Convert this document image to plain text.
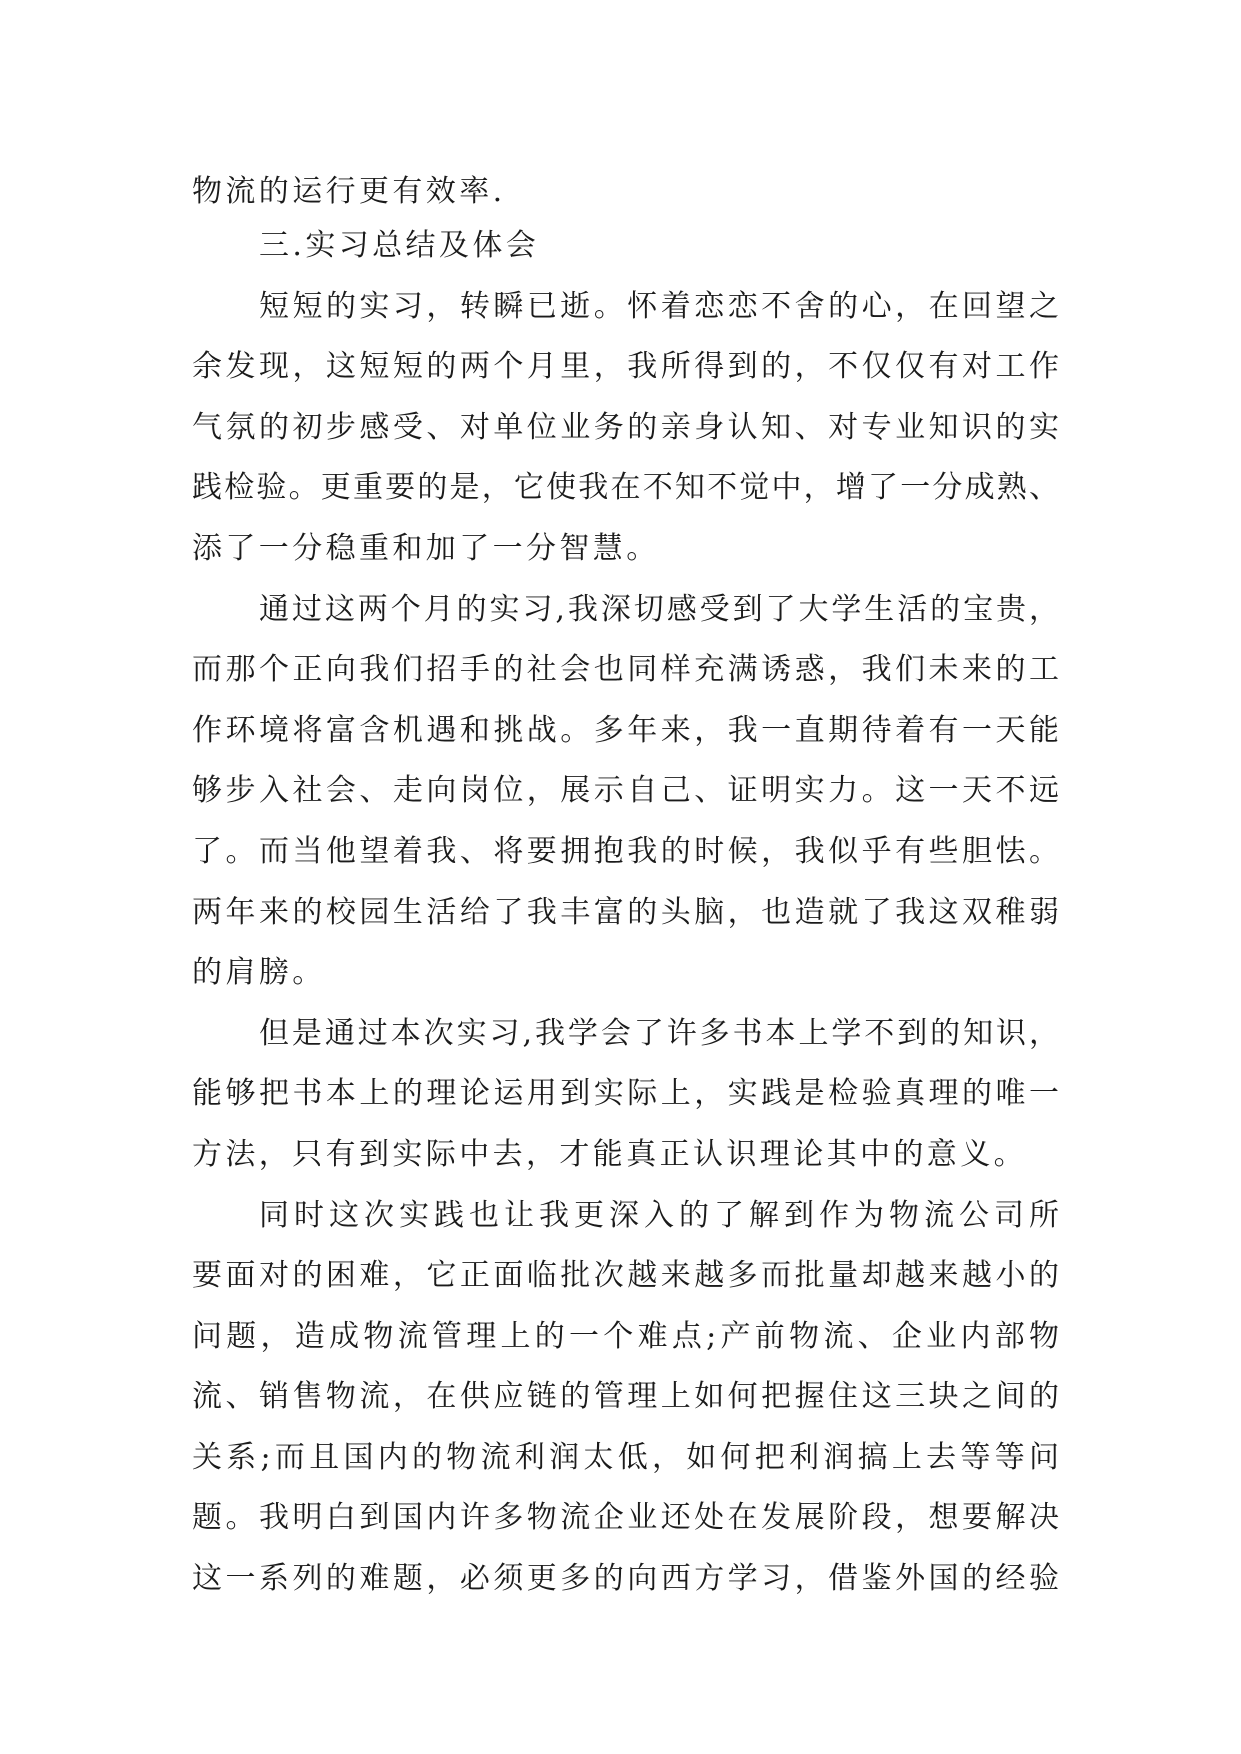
物流的运行更有效率.
三.实习总结及体会
短短的实习，转瞬已逝。怀着恋恋不舍的心，在回望之
余发现，这短短的两个月里，我所得到的，不仅仅有对工作
气氛的初步感受、对单位业务的亲身认知、对专业知识的实
践检验。更重要的是，它使我在不知不觉中，增了一分成熟、
添了一分稳重和加了一分智慧。
通过这两个月的实习,我深切感受到了大学生活的宝贵，
而那个正向我们招手的社会也同样充满诱惑，我们未来的工
作环境将富含机遇和挑战。多年来，我一直期待着有一天能
够步入社会、走向岗位，展示自己、证明实力。这一天不远
了。而当他望着我、将要拥抱我的时候，我似乎有些胆怯。
两年来的校园生活给了我丰富的头脑，也造就了我这双稚弱
的肩膀。
但是通过本次实习,我学会了许多书本上学不到的知识，
能够把书本上的理论运用到实际上，实践是检验真理的唯一
方法，只有到实际中去，才能真正认识理论其中的意义。
同时这次实践也让我更深入的了解到作为物流公司所
要面对的困难，它正面临批次越来越多而批量却越来越小的
问题，造成物流管理上的一个难点;产前物流、企业内部物
流、销售物流，在供应链的管理上如何把握住这三块之间的
关系;而且国内的物流利润太低，如何把利润搞上去等等问
题。我明白到国内许多物流企业还处在发展阶段，想要解决
这一系列的难题，必须更多的向西方学习，借鉴外国的经验
